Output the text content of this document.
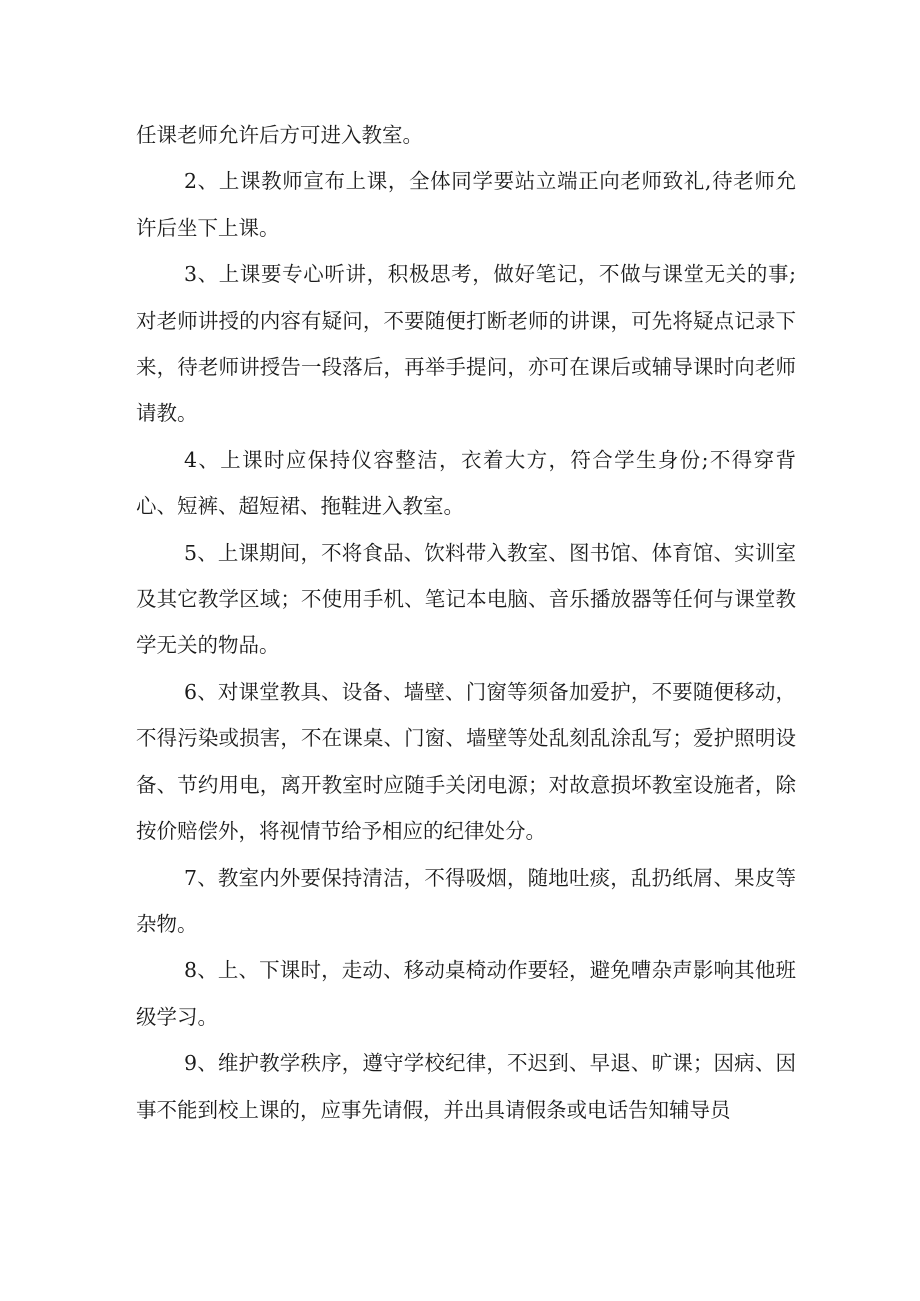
任课老师允许后方可进入教室。

2、上课教师宣布上课，全体同学要站立端正向老师致礼,待老师允许后坐下上课。

3、上课要专心听讲，积极思考，做好笔记，不做与课堂无关的事;对老师讲授的内容有疑问，不要随便打断老师的讲课，可先将疑点记录下来，待老师讲授告一段落后，再举手提问，亦可在课后或辅导课时向老师请教。

4、上课时应保持仪容整洁，衣着大方，符合学生身份;不得穿背心、短裤、超短裙、拖鞋进入教室。

5、上课期间，不将食品、饮料带入教室、图书馆、体育馆、实训室及其它教学区域；不使用手机、笔记本电脑、音乐播放器等任何与课堂教学无关的物品。

6、对课堂教具、设备、墙壁、门窗等须备加爱护，不要随便移动，不得污染或损害，不在课桌、门窗、墙壁等处乱刻乱涂乱写；爱护照明设备、节约用电，离开教室时应随手关闭电源；对故意损坏教室设施者，除按价赔偿外，将视情节给予相应的纪律处分。

7、教室内外要保持清洁，不得吸烟，随地吐痰，乱扔纸屑、果皮等杂物。

8、上、下课时，走动、移动桌椅动作要轻，避免嘈杂声影响其他班级学习。

9、维护教学秩序，遵守学校纪律，不迟到、早退、旷课；因病、因事不能到校上课的，应事先请假，并出具请假条或电话告知辅导员
